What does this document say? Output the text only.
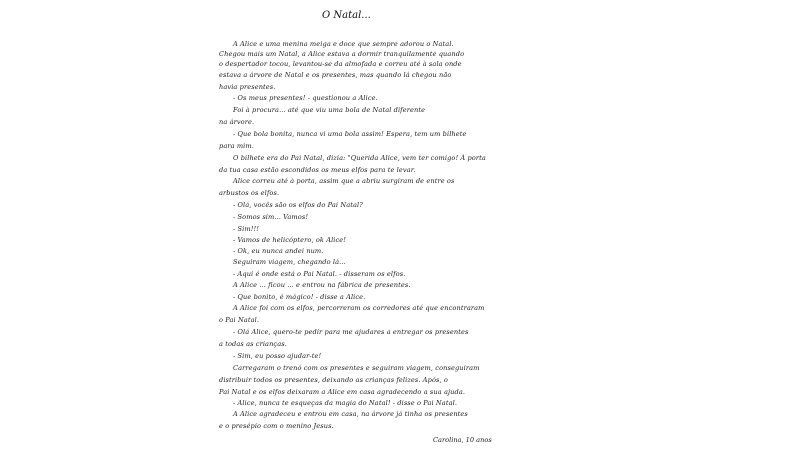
O Natal...
A Alice e uma menina meiga e doce que sempre adorou o Natal.
Chegou mais um Natal, a Alice estava a dormir tranquilamente quando
o despertador tocou, levantou-se da almofada e correu até à sala onde
estava a árvore de Natal e os presentes, mas quando lá chegou não
havia presentes.
- Os meus presentes! - questionou a Alice.
Foi à procura... até que viu uma bola de Natal diferente
na árvore.
- Que bola bonita, nunca vi uma bola assim! Espera, tem um bilhete
para mim.
O bilhete era do Pai Natal, dizia: "Querida Alice, vem ter comigo! À porta
da tua casa estão escondidos os meus elfos para te levar.
Alice correu até à porta, assim que a abriu surgiram de entre os
arbustos os elfos.
- Olá, vocês são os elfos do Pai Natal?
- Somos sim... Vamos!
- Sim!!!
- Vamos de helicóptero, ok Alice!
- Ok, eu nunca andei num.
Seguiram viagem, chegando lá...
- Aqui é onde está o Pai Natal. - disseram os elfos.
A Alice ... ficou ... e entrou na fábrica de presentes.
- Que bonito, é mágico! - disse a Alice.
A Alice foi com os elfos, percorreram os corredores até que encontraram
o Pai Natal.
- Olá Alice, quero-te pedir para me ajudares a entregar os presentes
a todas as crianças.
- Sim, eu posso ajudar-te!
Carregaram o trenó com os presentes e seguiram viagem, conseguiram
distribuir todos os presentes, deixando as crianças felizes. Após, o
Pai Natal e os elfos deixaram a Alice em casa agradecendo a sua ajuda.
- Alice, nunca te esqueças da magia do Natal! - disse o Pai Natal.
A Alice agradeceu e entrou em casa, na árvore já tinha os presentes
e o presépio com o menino Jesus.
Carolina, 10 anos
